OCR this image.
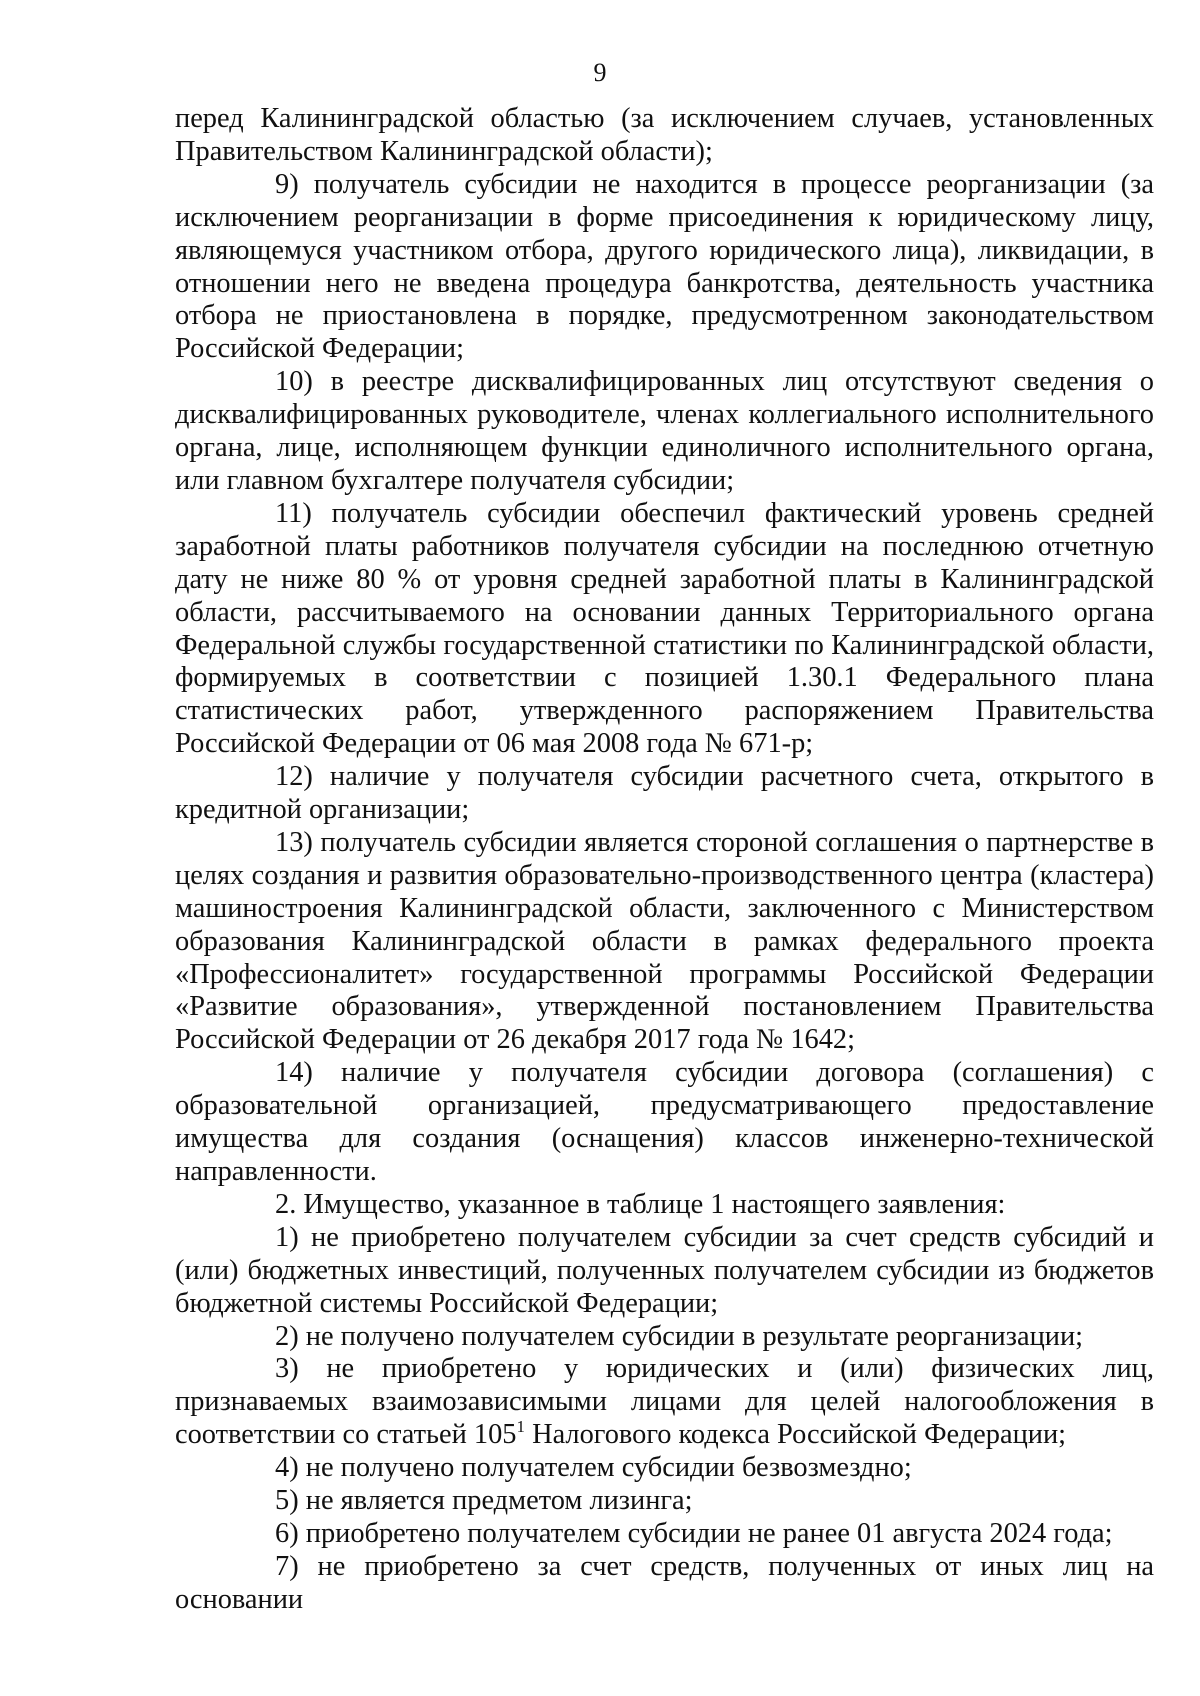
9

перед Калининградской областью (за исключением случаев, установленных Правительством Калининградской области);

9) получатель субсидии не находится в процессе реорганизации (за исключением реорганизации в форме присоединения к юридическому лицу, являющемуся участником отбора, другого юридического лица), ликвидации, в отношении него не введена процедура банкротства, деятельность участника отбора не приостановлена в порядке, предусмотренном законодательством Российской Федерации;

10) в реестре дисквалифицированных лиц отсутствуют сведения о дисквалифицированных руководителе, членах коллегиального исполнительного органа, лице, исполняющем функции единоличного исполнительного органа, или главном бухгалтере получателя субсидии;

11) получатель субсидии обеспечил фактический уровень средней заработной платы работников получателя субсидии на последнюю отчетную дату не ниже 80 % от уровня средней заработной платы в Калининградской области, рассчитываемого на основании данных Территориального органа Федеральной службы государственной статистики по Калининградской области, формируемых в соответствии с позицией 1.30.1 Федерального плана статистических работ, утвержденного распоряжением Правительства Российской Федерации от 06 мая 2008 года № 671-р;

12) наличие у получателя субсидии расчетного счета, открытого в кредитной организации;

13) получатель субсидии является стороной соглашения о партнерстве в целях создания и развития образовательно-производственного центра (кластера) машиностроения Калининградской области, заключенного с Министерством образования Калининградской области в рамках федерального проекта «Профессионалитет» государственной программы Российской Федерации «Развитие образования», утвержденной постановлением Правительства Российской Федерации от 26 декабря 2017 года № 1642;

14) наличие у получателя субсидии договора (соглашения) с образовательной организацией, предусматривающего предоставление имущества для создания (оснащения) классов инженерно-технической направленности.

2. Имущество, указанное в таблице 1 настоящего заявления:

1) не приобретено получателем субсидии за счет средств субсидий и (или) бюджетных инвестиций, полученных получателем субсидии из бюджетов бюджетной системы Российской Федерации;

2) не получено получателем субсидии в результате реорганизации;

3) не приобретено у юридических и (или) физических лиц, признаваемых взаимозависимыми лицами для целей налогообложения в соответствии со статьей $105^1$ Налогового кодекса Российской Федерации;

4) не получено получателем субсидии безвозмездно;

5) не является предметом лизинга;

6) приобретено получателем субсидии не ранее 01 августа 2024 года;

7) не приобретено за счет средств, полученных от иных лиц на основании
